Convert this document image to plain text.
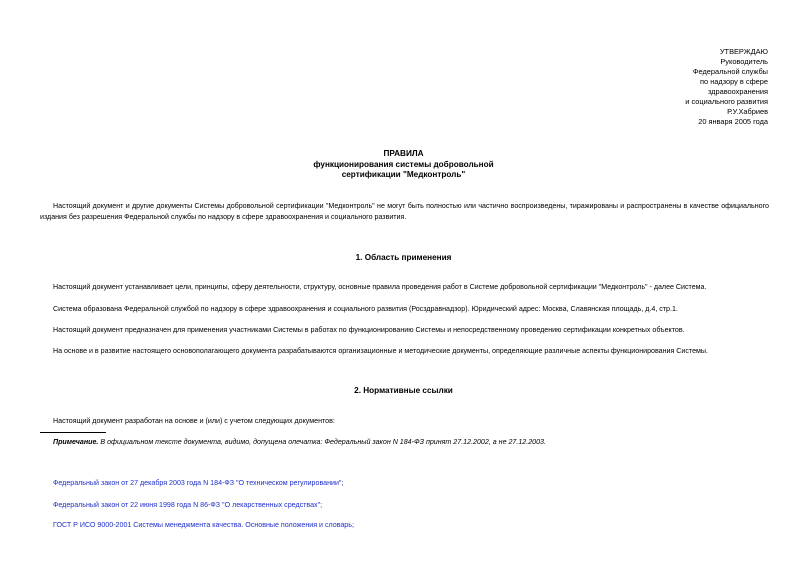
УТВЕРЖДАЮ
Руководитель
Федеральной службы
по надзору в сфере
здравоохранения
и социального развития
Р.У.Хабриев
20 января 2005 года
ПРАВИЛА
функционирования системы добровольной
сертификации "Медконтроль"
Настоящий документ и другие документы Системы добровольной сертификации "Медконтроль" не могут быть полностью или частично воспроизведены, тиражированы и распространены в качестве официального издания без разрешения Федеральной службы по надзору в сфере здравоохранения и социального развития.
1. Область применения
Настоящий документ устанавливает цели, принципы, сферу деятельности, структуру, основные правила проведения работ в Системе добровольной сертификации "Медконтроль" - далее Система.
Система образована Федеральной службой по надзору в сфере здравоохранения и социального развития (Росздравнадзор). Юридический адрес: Москва, Славянская площадь, д.4, стр.1.
Настоящий документ предназначен для применения участниками Системы в работах по функционированию Системы и непосредственному проведению сертификации конкретных объектов.
На основе и в развитие настоящего основополагающего документа разрабатываются организационные и методические документы, определяющие различные аспекты функционирования Системы.
2. Нормативные ссылки
Настоящий документ разработан на основе и (или) с учетом следующих документов:
Примечание. В официальном тексте документа, видимо, допущена опечатка: Федеральный закон N 184-ФЗ принят 27.12.2002, а не 27.12.2003.
Федеральный закон от 27 декабря 2003 года N 184-ФЗ "О техническом регулировании";
Федеральный закон от 22 июня 1998 года N 86-ФЗ "О лекарственных средствах";
ГОСТ Р ИСО 9000-2001 Системы менеджмента качества. Основные положения и словарь;
